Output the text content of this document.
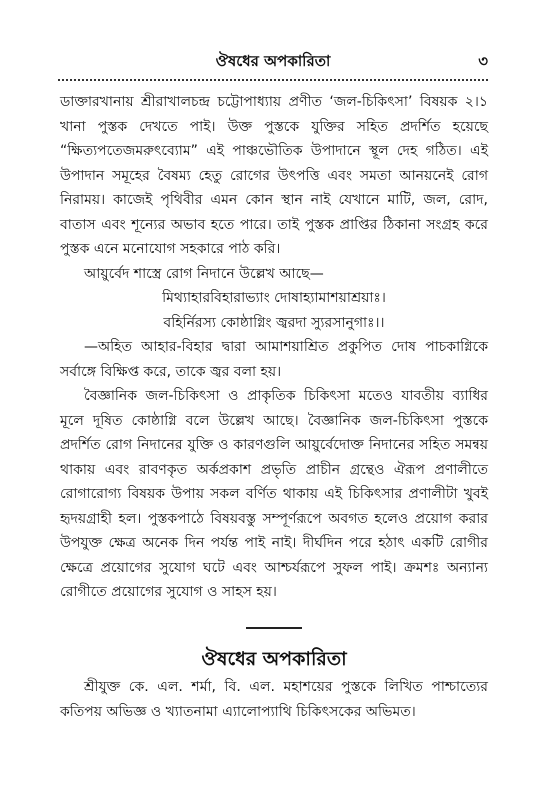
ঔষধের অপকারিতা	৩

ডাক্তারখানায় শ্রীরাখালচন্দ্র চট্টোপাধ্যায় প্রণীত ‘জল-চিকিৎসা’ বিষয়ক ২।১ খানা পুস্তক দেখতে পাই। উক্ত পুস্তকে যুক্তির সহিত প্রদর্শিত হয়েছে “ক্ষিত্যপতেজমরুৎব্যোম” এই পাঞ্চভৌতিক উপাদানে স্থূল দেহ গঠিত। এই উপাদান সমূহের বৈষম্য হেতু রোগের উৎপত্তি এবং সমতা আনয়নেই রোগ নিরাময়। কাজেই পৃথিবীর এমন কোন স্থান নাই যেখানে মাটি, জল, রোদ, বাতাস এবং শূন্যের অভাব হতে পারে। তাই পুস্তক প্রাপ্তির ঠিকানা সংগ্রহ করে পুস্তক এনে মনোযোগ সহকারে পাঠ করি।

আয়ুর্বেদ শাস্ত্রে রোগ নিদানে উল্লেখ আছে—

মিথ্যাহারবিহারাভ্যাং দোষাহ্যামাশয়াশ্রয়াঃ।
বহির্নিরস্য কোষ্ঠাগ্নিং জ্বরদা স্যুরসানুগাঃ।।

—অহিত আহার-বিহার দ্বারা আমাশয়াশ্রিত প্রকুপিত দোষ পাচকাগ্নিকে সর্বাঙ্গে বিক্ষিপ্ত করে, তাকে জ্বর বলা হয়।

বৈজ্ঞানিক জল-চিকিৎসা ও প্রাকৃতিক চিকিৎসা মতেও যাবতীয় ব্যাধির মূলে দূষিত কোষ্ঠাগ্নি বলে উল্লেখ আছে। বৈজ্ঞানিক জল-চিকিৎসা পুস্তকে প্রদর্শিত রোগ নিদানের যুক্তি ও কারণগুলি আয়ুর্বেদোক্ত নিদানের সহিত সমন্বয় থাকায় এবং রাবণকৃত অর্কপ্রকাশ প্রভৃতি প্রাচীন গ্রন্থেও ঐরূপ প্রণালীতে রোগারোগ্য বিষয়ক উপায় সকল বর্ণিত থাকায় এই চিকিৎসার প্রণালীটা খুবই হৃদয়গ্রাহী হল। পুস্তকপাঠে বিষয়বস্তু সম্পূর্ণরূপে অবগত হলেও প্রয়োগ করার উপযুক্ত ক্ষেত্র অনেক দিন পর্যন্ত পাই নাই। দীর্ঘদিন পরে হঠাৎ একটি রোগীর ক্ষেত্রে প্রয়োগের সুযোগ ঘটে এবং আশ্চর্যরূপে সুফল পাই। ক্রমশঃ অন্যান্য রোগীতে প্রয়োগের সুযোগ ও সাহস হয়।

ঔষধের অপকারিতা

শ্রীযুক্ত কে. এল. শর্মা, বি. এল. মহাশয়ের পুস্তকে লিখিত পাশ্চাত্যের কতিপয় অভিজ্ঞ ও খ্যাতনামা এ্যালোপ্যাথি চিকিৎসকের অভিমত।
